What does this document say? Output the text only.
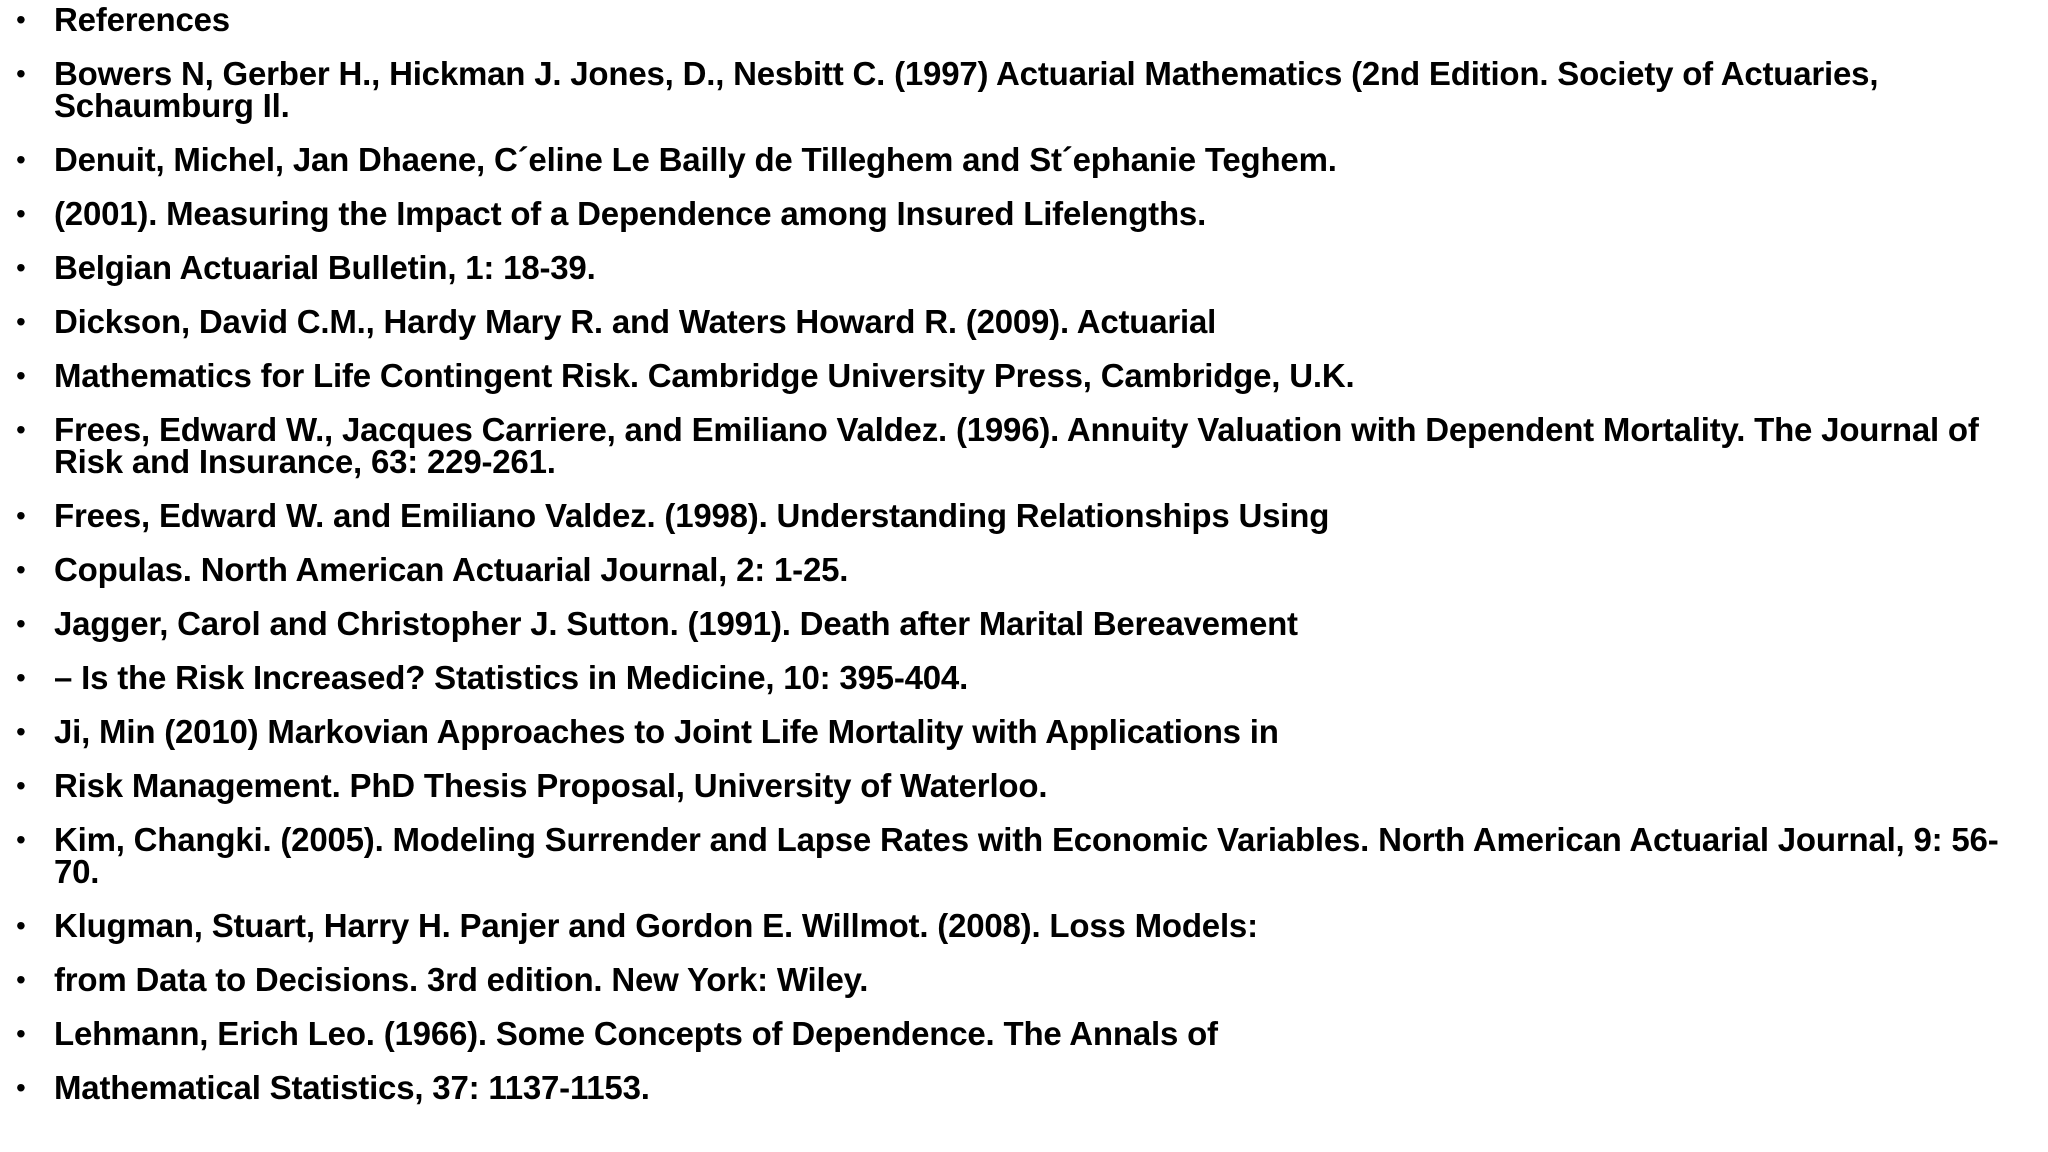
• References
• Bowers N, Gerber H., Hickman J. Jones, D., Nesbitt C. (1997) Actuarial Mathematics (2nd Edition. Society of Actuaries, Schaumburg Il.
• Denuit, Michel, Jan Dhaene, C´eline Le Bailly de Tilleghem and St´ephanie Teghem.
• (2001). Measuring the Impact of a Dependence among Insured Lifelengths.
• Belgian Actuarial Bulletin, 1: 18-39.
• Dickson, David C.M., Hardy Mary R. and Waters Howard R. (2009). Actuarial
• Mathematics for Life Contingent Risk. Cambridge University Press, Cambridge, U.K.
• Frees, Edward W., Jacques Carriere, and Emiliano Valdez. (1996). Annuity Valuation with Dependent Mortality. The Journal of Risk and Insurance, 63: 229-261.
• Frees, Edward W. and Emiliano Valdez. (1998). Understanding Relationships Using
• Copulas. North American Actuarial Journal, 2: 1-25.
• Jagger, Carol and Christopher J. Sutton. (1991). Death after Marital Bereavement
• – Is the Risk Increased? Statistics in Medicine, 10: 395-404.
• Ji, Min (2010) Markovian Approaches to Joint Life Mortality with Applications in
• Risk Management. PhD Thesis Proposal, University of Waterloo.
• Kim, Changki. (2005). Modeling Surrender and Lapse Rates with Economic Variables. North American Actuarial Journal, 9: 56-70.
• Klugman, Stuart, Harry H. Panjer and Gordon E. Willmot. (2008). Loss Models:
• from Data to Decisions. 3rd edition. New York: Wiley.
• Lehmann, Erich Leo. (1966). Some Concepts of Dependence. The Annals of
• Mathematical Statistics, 37: 1137-1153.
